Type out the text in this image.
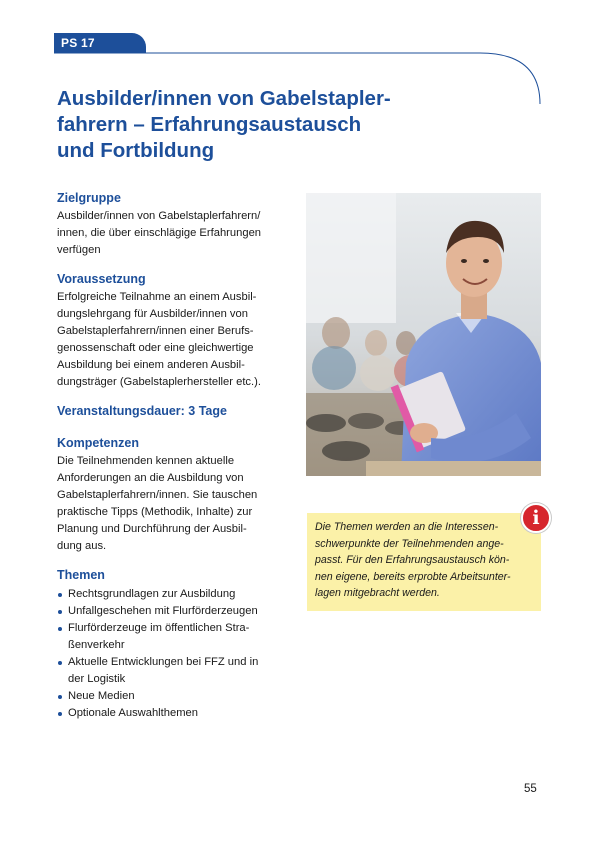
PS 17
Ausbilder/innen von Gabelstapler-
fahrern – Erfahrungsaustausch
und Fortbildung
Zielgruppe
Ausbilder/innen von Gabelstaplerfahrern/
innen, die über einschlägige Erfahrungen
verfügen
Voraussetzung
Erfolgreiche Teilnahme an einem Ausbil-
dungslehrgang für Ausbilder/innen von
Gabelstaplerfahrern/innen einer Berufs-
genossenschaft oder eine gleichwertige
Ausbildung bei einem anderen Ausbil-
dungsträger (Gabelstaplerhersteller etc.).
Veranstaltungsdauer: 3 Tage
Kompetenzen
Die Teilnehmenden kennen aktuelle
Anforderungen an die Ausbildung von
Gabelstaplerfahrern/innen. Sie tauschen
praktische Tipps (Methodik, Inhalte) zur
Planung und Durchführung der Ausbil-
dung aus.
Themen
Rechtsgrundlagen zur Ausbildung
Unfallgeschehen mit Flurförderzeugen
Flurförderzeuge im öffentlichen Stra-
ßenverkehr
Aktuelle Entwicklungen bei FFZ und in
der Logistik
Neue Medien
Optionale Auswahlthemen
Die Themen werden an die Interessen-
schwerpunkte der Teilnehmenden ange-
passt. Für den Erfahrungsaustausch kön-
nen eigene, bereits erprobte Arbeitsunter-
lagen mitgebracht werden.
i
55
